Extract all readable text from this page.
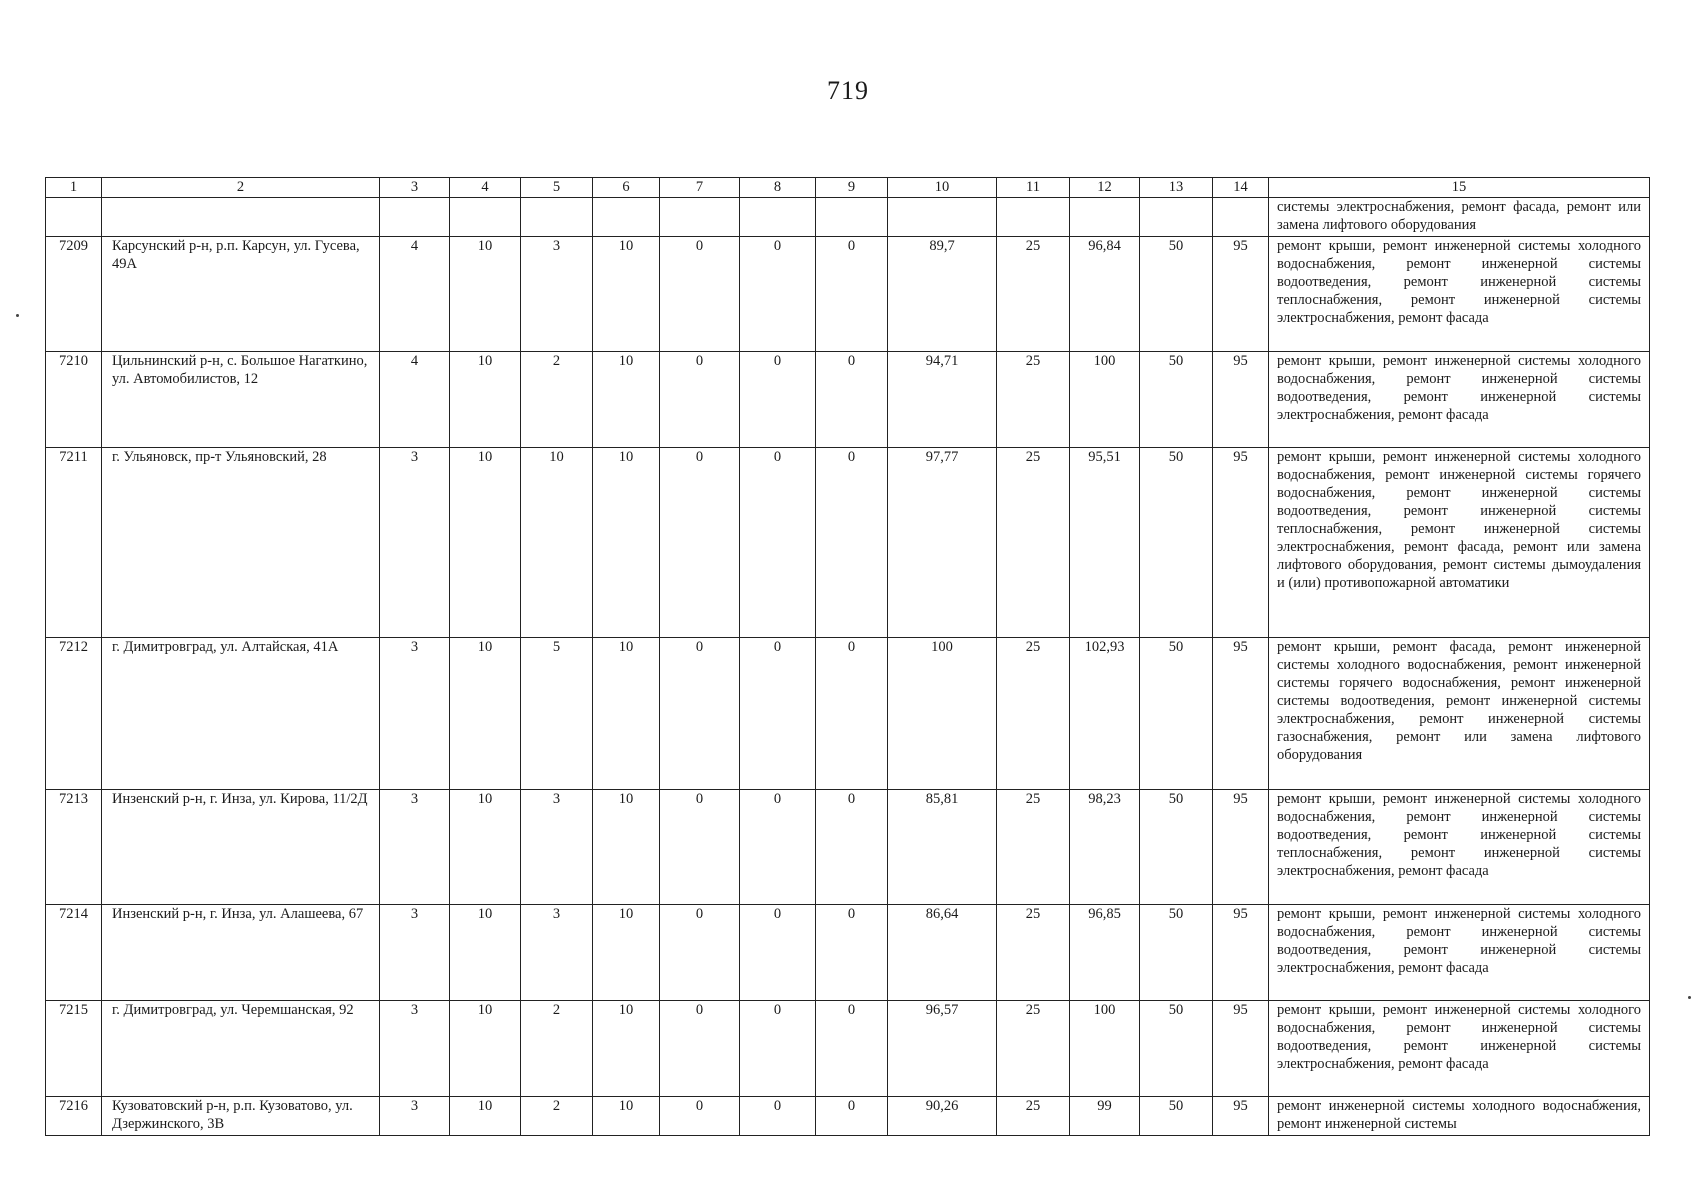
719
1	2	3	4	5	6	7	8	9	10	11	12	13	14	15
														системы электроснабжения, ремонт фасада, ремонт или замена лифтового оборудования
7209	Карсунский р-н, р.п. Карсун, ул. Гусева, 49А	4	10	3	10	0	0	0	89,7	25	96,84	50	95	ремонт крыши, ремонт инженерной системы холодного водоснабжения, ремонт инженерной системы водоотведения, ремонт инженерной системы теплоснабжения, ремонт инженерной системы электроснабжения, ремонт фасада
7210	Цильнинский р-н, с. Большое Нагаткино, ул. Автомобилистов, 12	4	10	2	10	0	0	0	94,71	25	100	50	95	ремонт крыши, ремонт инженерной системы холодного водоснабжения, ремонт инженерной системы водоотведения, ремонт инженерной системы электроснабжения, ремонт фасада
7211	г. Ульяновск, пр-т Ульяновский, 28	3	10	10	10	0	0	0	97,77	25	95,51	50	95	ремонт крыши, ремонт инженерной системы холодного водоснабжения, ремонт инженерной системы горячего водоснабжения, ремонт инженерной системы водоотведения, ремонт инженерной системы теплоснабжения, ремонт инженерной системы электроснабжения, ремонт фасада, ремонт или замена лифтового оборудования, ремонт системы дымоудаления и (или) противопожарной автоматики
7212	г. Димитровград, ул. Алтайская, 41А	3	10	5	10	0	0	0	100	25	102,93	50	95	ремонт крыши, ремонт фасада, ремонт инженерной системы холодного водоснабжения, ремонт инженерной системы горячего водоснабжения, ремонт инженерной системы водоотведения, ремонт инженерной системы электроснабжения, ремонт инженерной системы газоснабжения, ремонт или замена лифтового оборудования
7213	Инзенский р-н, г. Инза, ул. Кирова, 11/2Д	3	10	3	10	0	0	0	85,81	25	98,23	50	95	ремонт крыши, ремонт инженерной системы холодного водоснабжения, ремонт инженерной системы водоотведения, ремонт инженерной системы теплоснабжения, ремонт инженерной системы электроснабжения, ремонт фасада
7214	Инзенский р-н, г. Инза, ул. Алашеева, 67	3	10	3	10	0	0	0	86,64	25	96,85	50	95	ремонт крыши, ремонт инженерной системы холодного водоснабжения, ремонт инженерной системы водоотведения, ремонт инженерной системы электроснабжения, ремонт фасада
7215	г. Димитровград, ул. Черемшанская, 92	3	10	2	10	0	0	0	96,57	25	100	50	95	ремонт крыши, ремонт инженерной системы холодного водоснабжения, ремонт инженерной системы водоотведения, ремонт инженерной системы электроснабжения, ремонт фасада
7216	Кузоватовский р-н, р.п. Кузоватово, ул. Дзержинского, 3В	3	10	2	10	0	0	0	90,26	25	99	50	95	ремонт инженерной системы холодного водоснабжения, ремонт инженерной системы
